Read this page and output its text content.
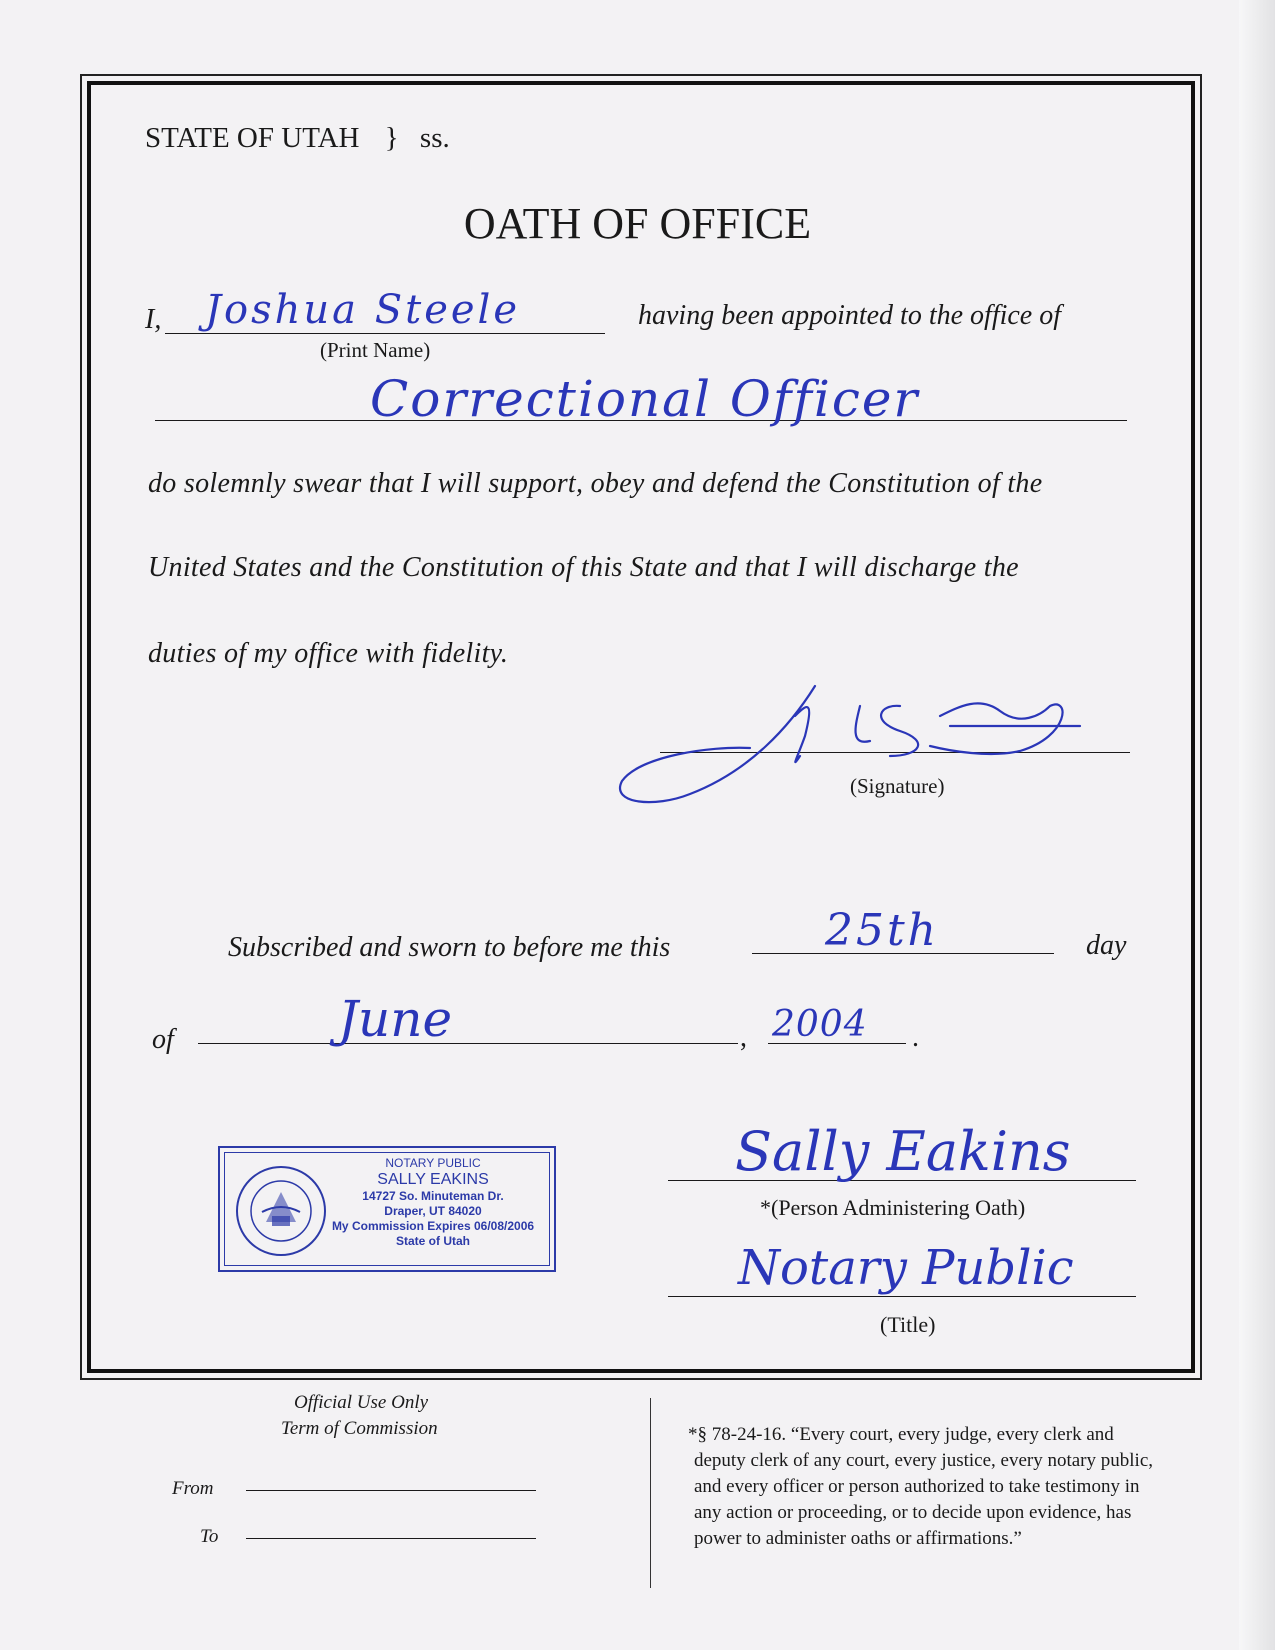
STATE OF UTAH } ss.
OATH OF OFFICE
I, Joshua Steele
(Print Name)
having been appointed to the office of
Correctional Officer
do solemnly swear that I will support, obey and defend the Constitution of the
United States and the Constitution of this State and that I will discharge the
duties of my office with fidelity.
(Signature)
Subscribed and sworn to before me this	25th	day
of	June	, 2004 .
NOTARY PUBLIC
SALLY EAKINS
14727 So. Minuteman Dr.
Draper, UT 84020
My Commission Expires 06/08/2006
State of Utah
Sally Eakins
*(Person Administering Oath)
Notary Public
(Title)
Official Use Only
Term of Commission
From
To
*§ 78-24-16. “Every court, every judge, every clerk and
deputy clerk of any court, every justice, every notary public,
and every officer or person authorized to take testimony in
any action or proceeding, or to decide upon evidence, has
power to administer oaths or affirmations.”
